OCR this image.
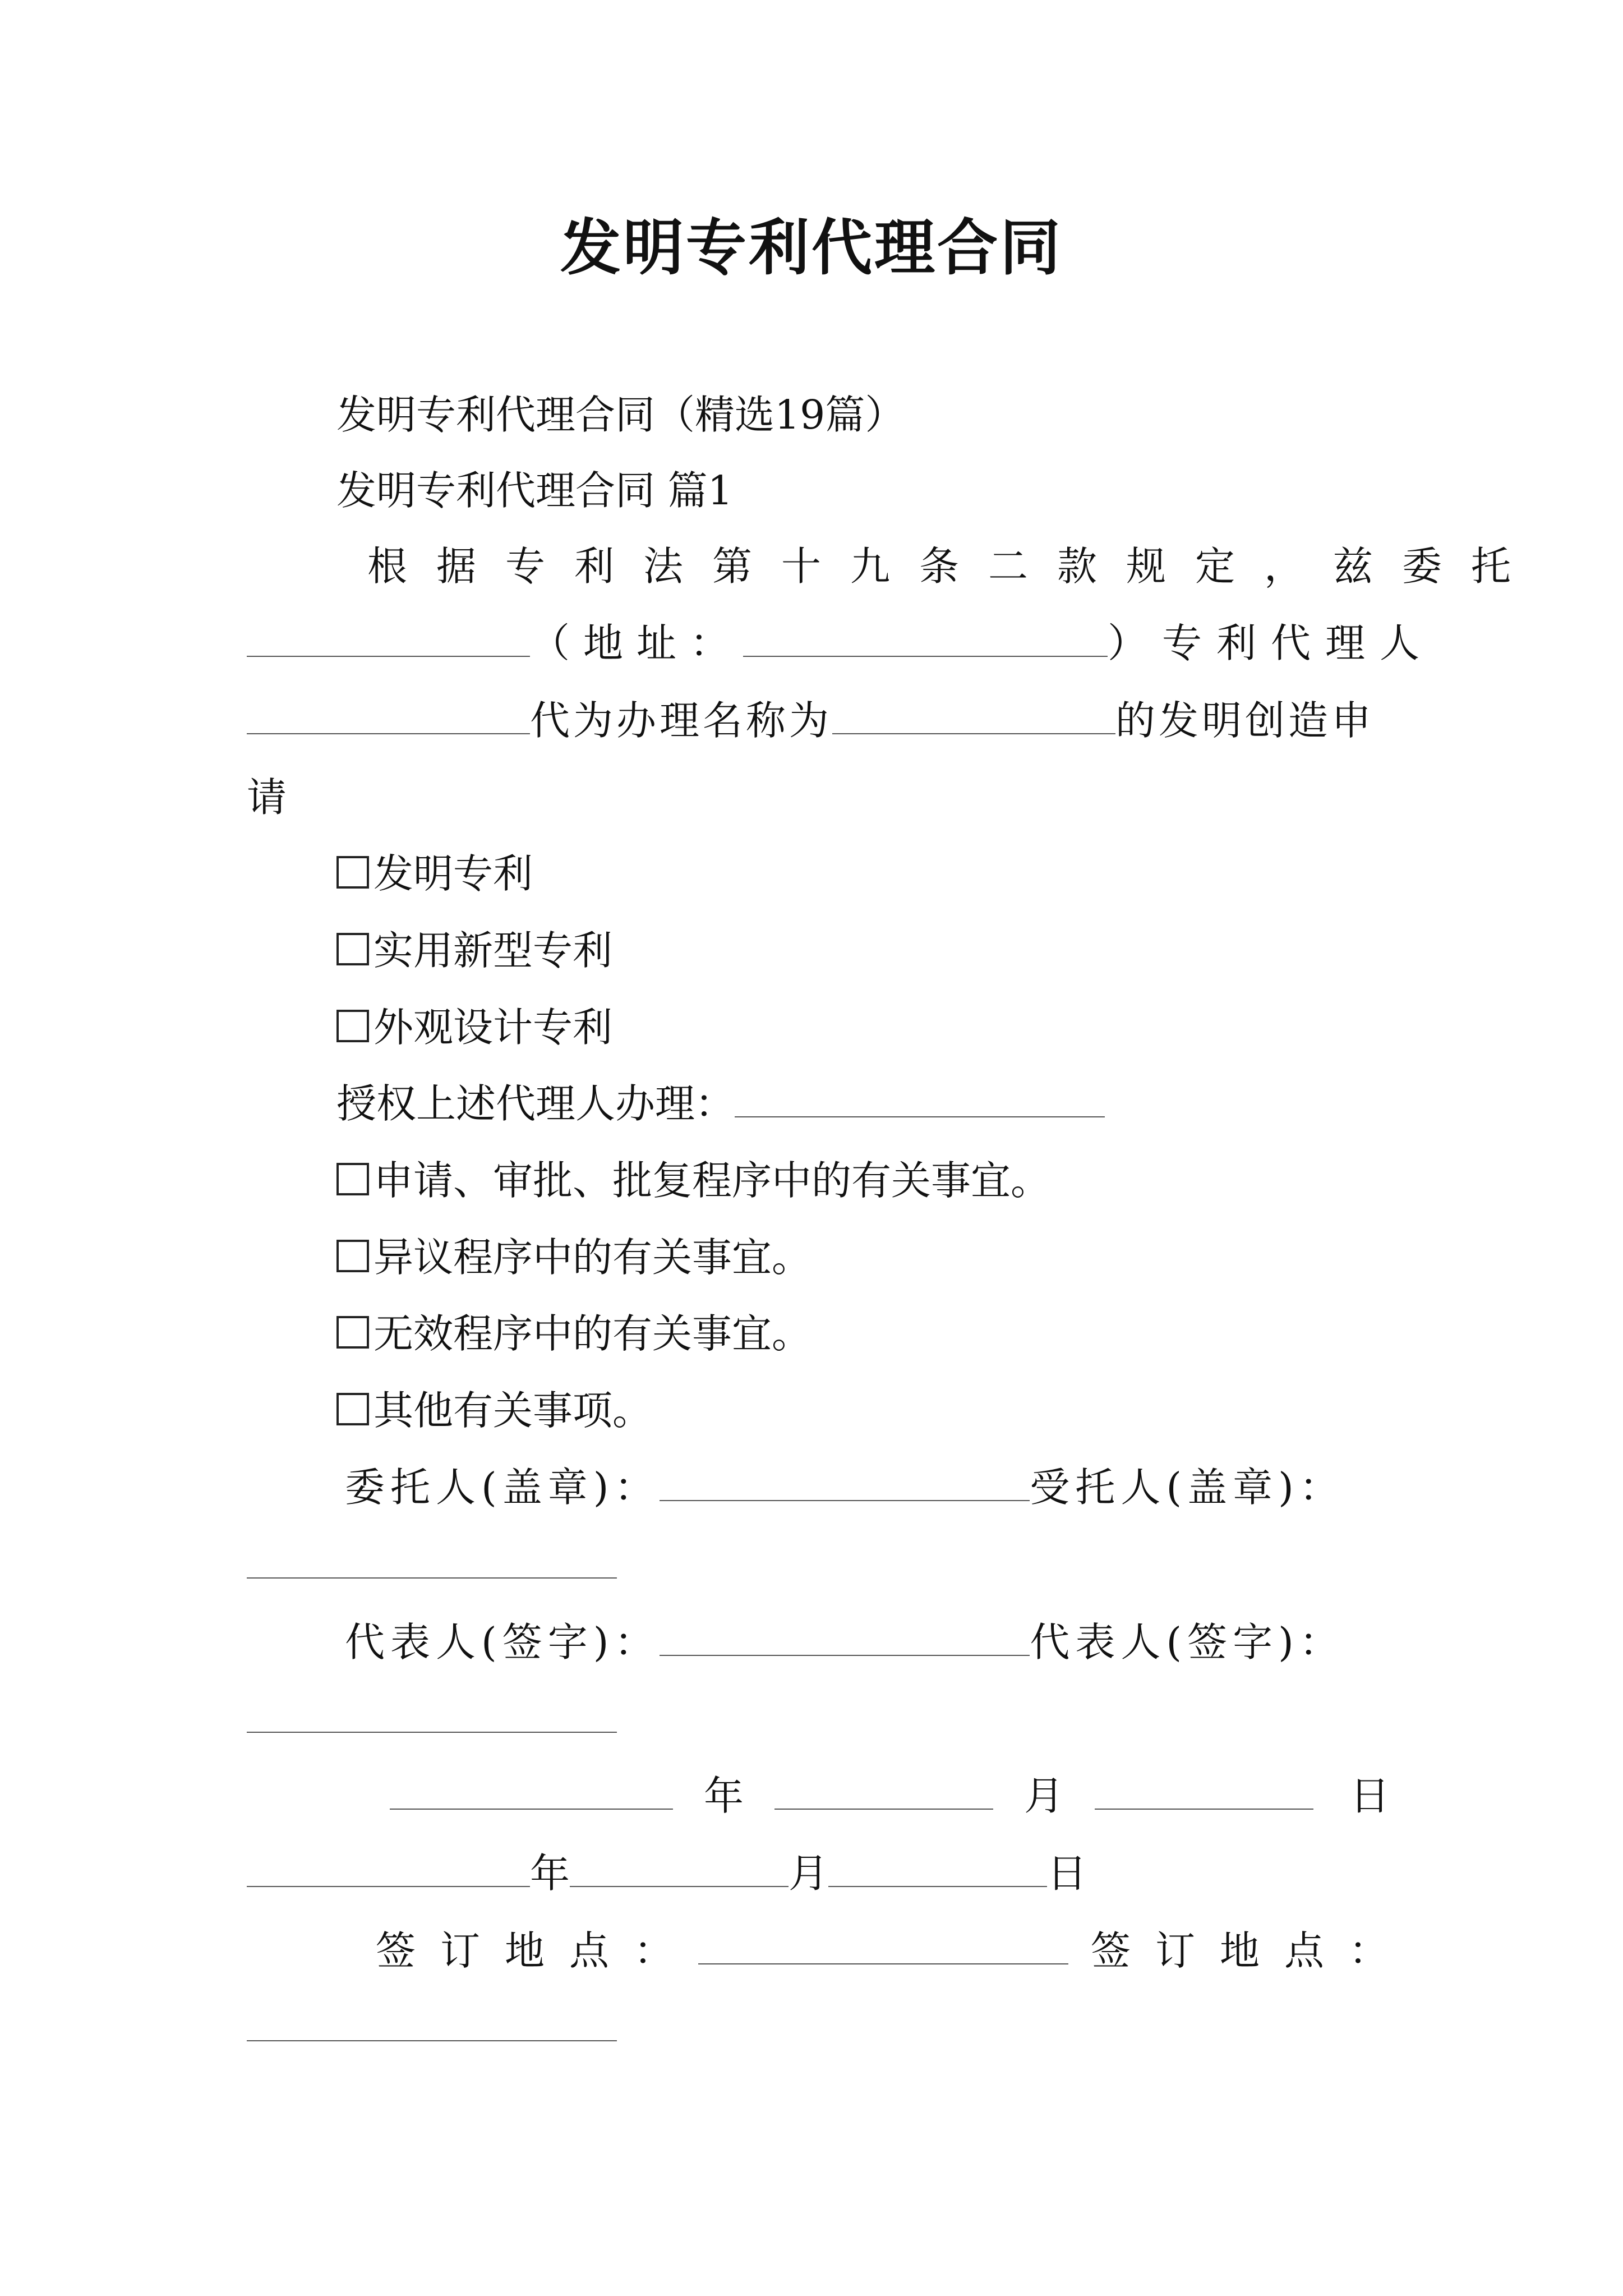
发明专利代理合同
发明专利代理合同（精选19篇）
发明专利代理合同 篇1
根据专利法第十九条二款规定，兹委托
（地址：	）专利代理人
代为办理名称为	的发明创造申
请
发明专利
实用新型专利
外观设计专利
授权上述代理人办理：
申请、审批、批复程序中的有关事宜。
异议程序中的有关事宜。
无效程序中的有关事宜。
其他有关事项。
委托人(盖章)：	受托人(盖章)：
代表人(签字)：	代表人(签字)：
年	月	日
年	月	日
签订地点：	签订地点：
